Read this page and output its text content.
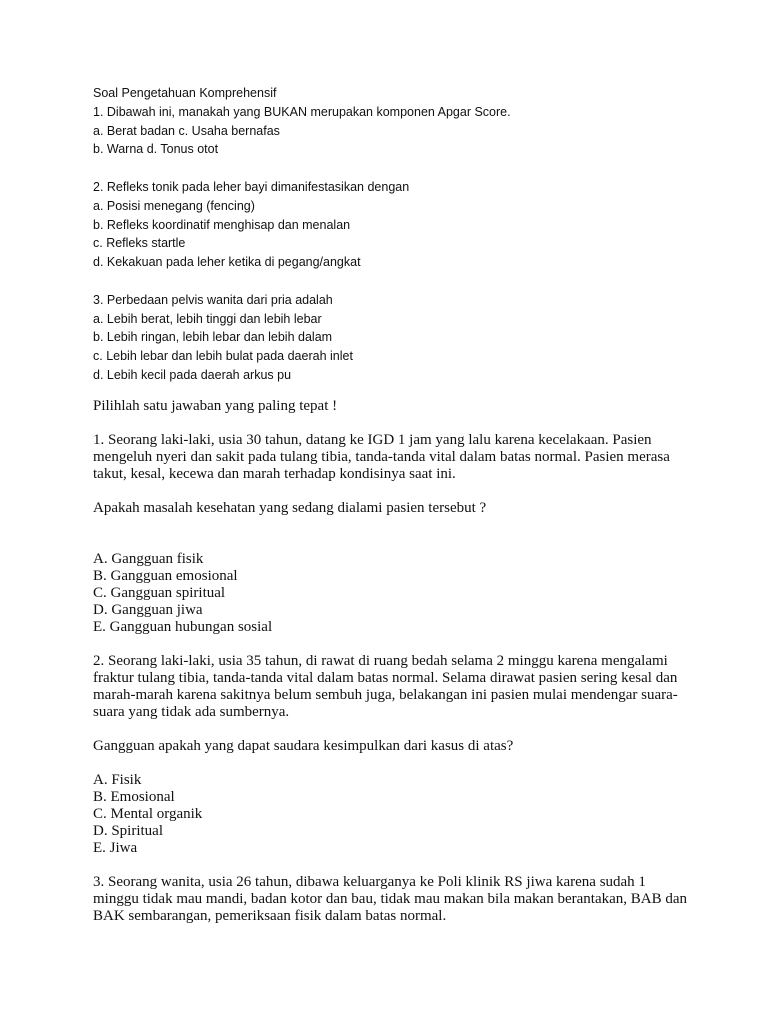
Soal Pengetahuan Komprehensif
1. Dibawah ini, manakah yang BUKAN merupakan komponen Apgar Score.
a. Berat badan c. Usaha bernafas
b. Warna d. Tonus otot
2. Refleks tonik pada leher bayi dimanifestasikan dengan
a. Posisi menegang (fencing)
b. Refleks koordinatif menghisap dan menalan
c. Refleks startle
d. Kekakuan pada leher ketika di pegang/angkat
3. Perbedaan pelvis wanita dari pria adalah
a. Lebih berat, lebih tinggi dan lebih lebar
b. Lebih ringan, lebih lebar dan lebih dalam
c. Lebih lebar dan lebih bulat pada daerah inlet
d. Lebih kecil pada daerah arkus pu

Pilihlah satu jawaban yang paling tepat !

1. Seorang laki-laki, usia 30 tahun, datang ke IGD 1 jam yang lalu karena kecelakaan. Pasien mengeluh nyeri dan sakit pada tulang tibia, tanda-tanda vital dalam batas normal. Pasien merasa takut, kesal, kecewa dan marah terhadap kondisinya saat ini.

Apakah masalah kesehatan yang sedang dialami pasien tersebut ?

A. Gangguan fisik
B. Gangguan emosional
C. Gangguan spiritual
D. Gangguan jiwa
E. Gangguan hubungan sosial

2. Seorang laki-laki, usia 35 tahun, di rawat di ruang bedah selama 2 minggu karena mengalami fraktur tulang tibia, tanda-tanda vital dalam batas normal. Selama dirawat pasien sering kesal dan marah-marah karena sakitnya belum sembuh juga, belakangan ini pasien mulai mendengar suara-suara yang tidak ada sumbernya.

Gangguan apakah yang dapat saudara kesimpulkan dari kasus di atas?

A. Fisik
B. Emosional
C. Mental organik
D. Spiritual
E. Jiwa

3. Seorang wanita, usia 26 tahun, dibawa keluarganya ke Poli klinik RS jiwa karena sudah 1 minggu tidak mau mandi, badan kotor dan bau, tidak mau makan bila makan berantakan, BAB dan BAK sembarangan, pemeriksaan fisik dalam batas normal.
